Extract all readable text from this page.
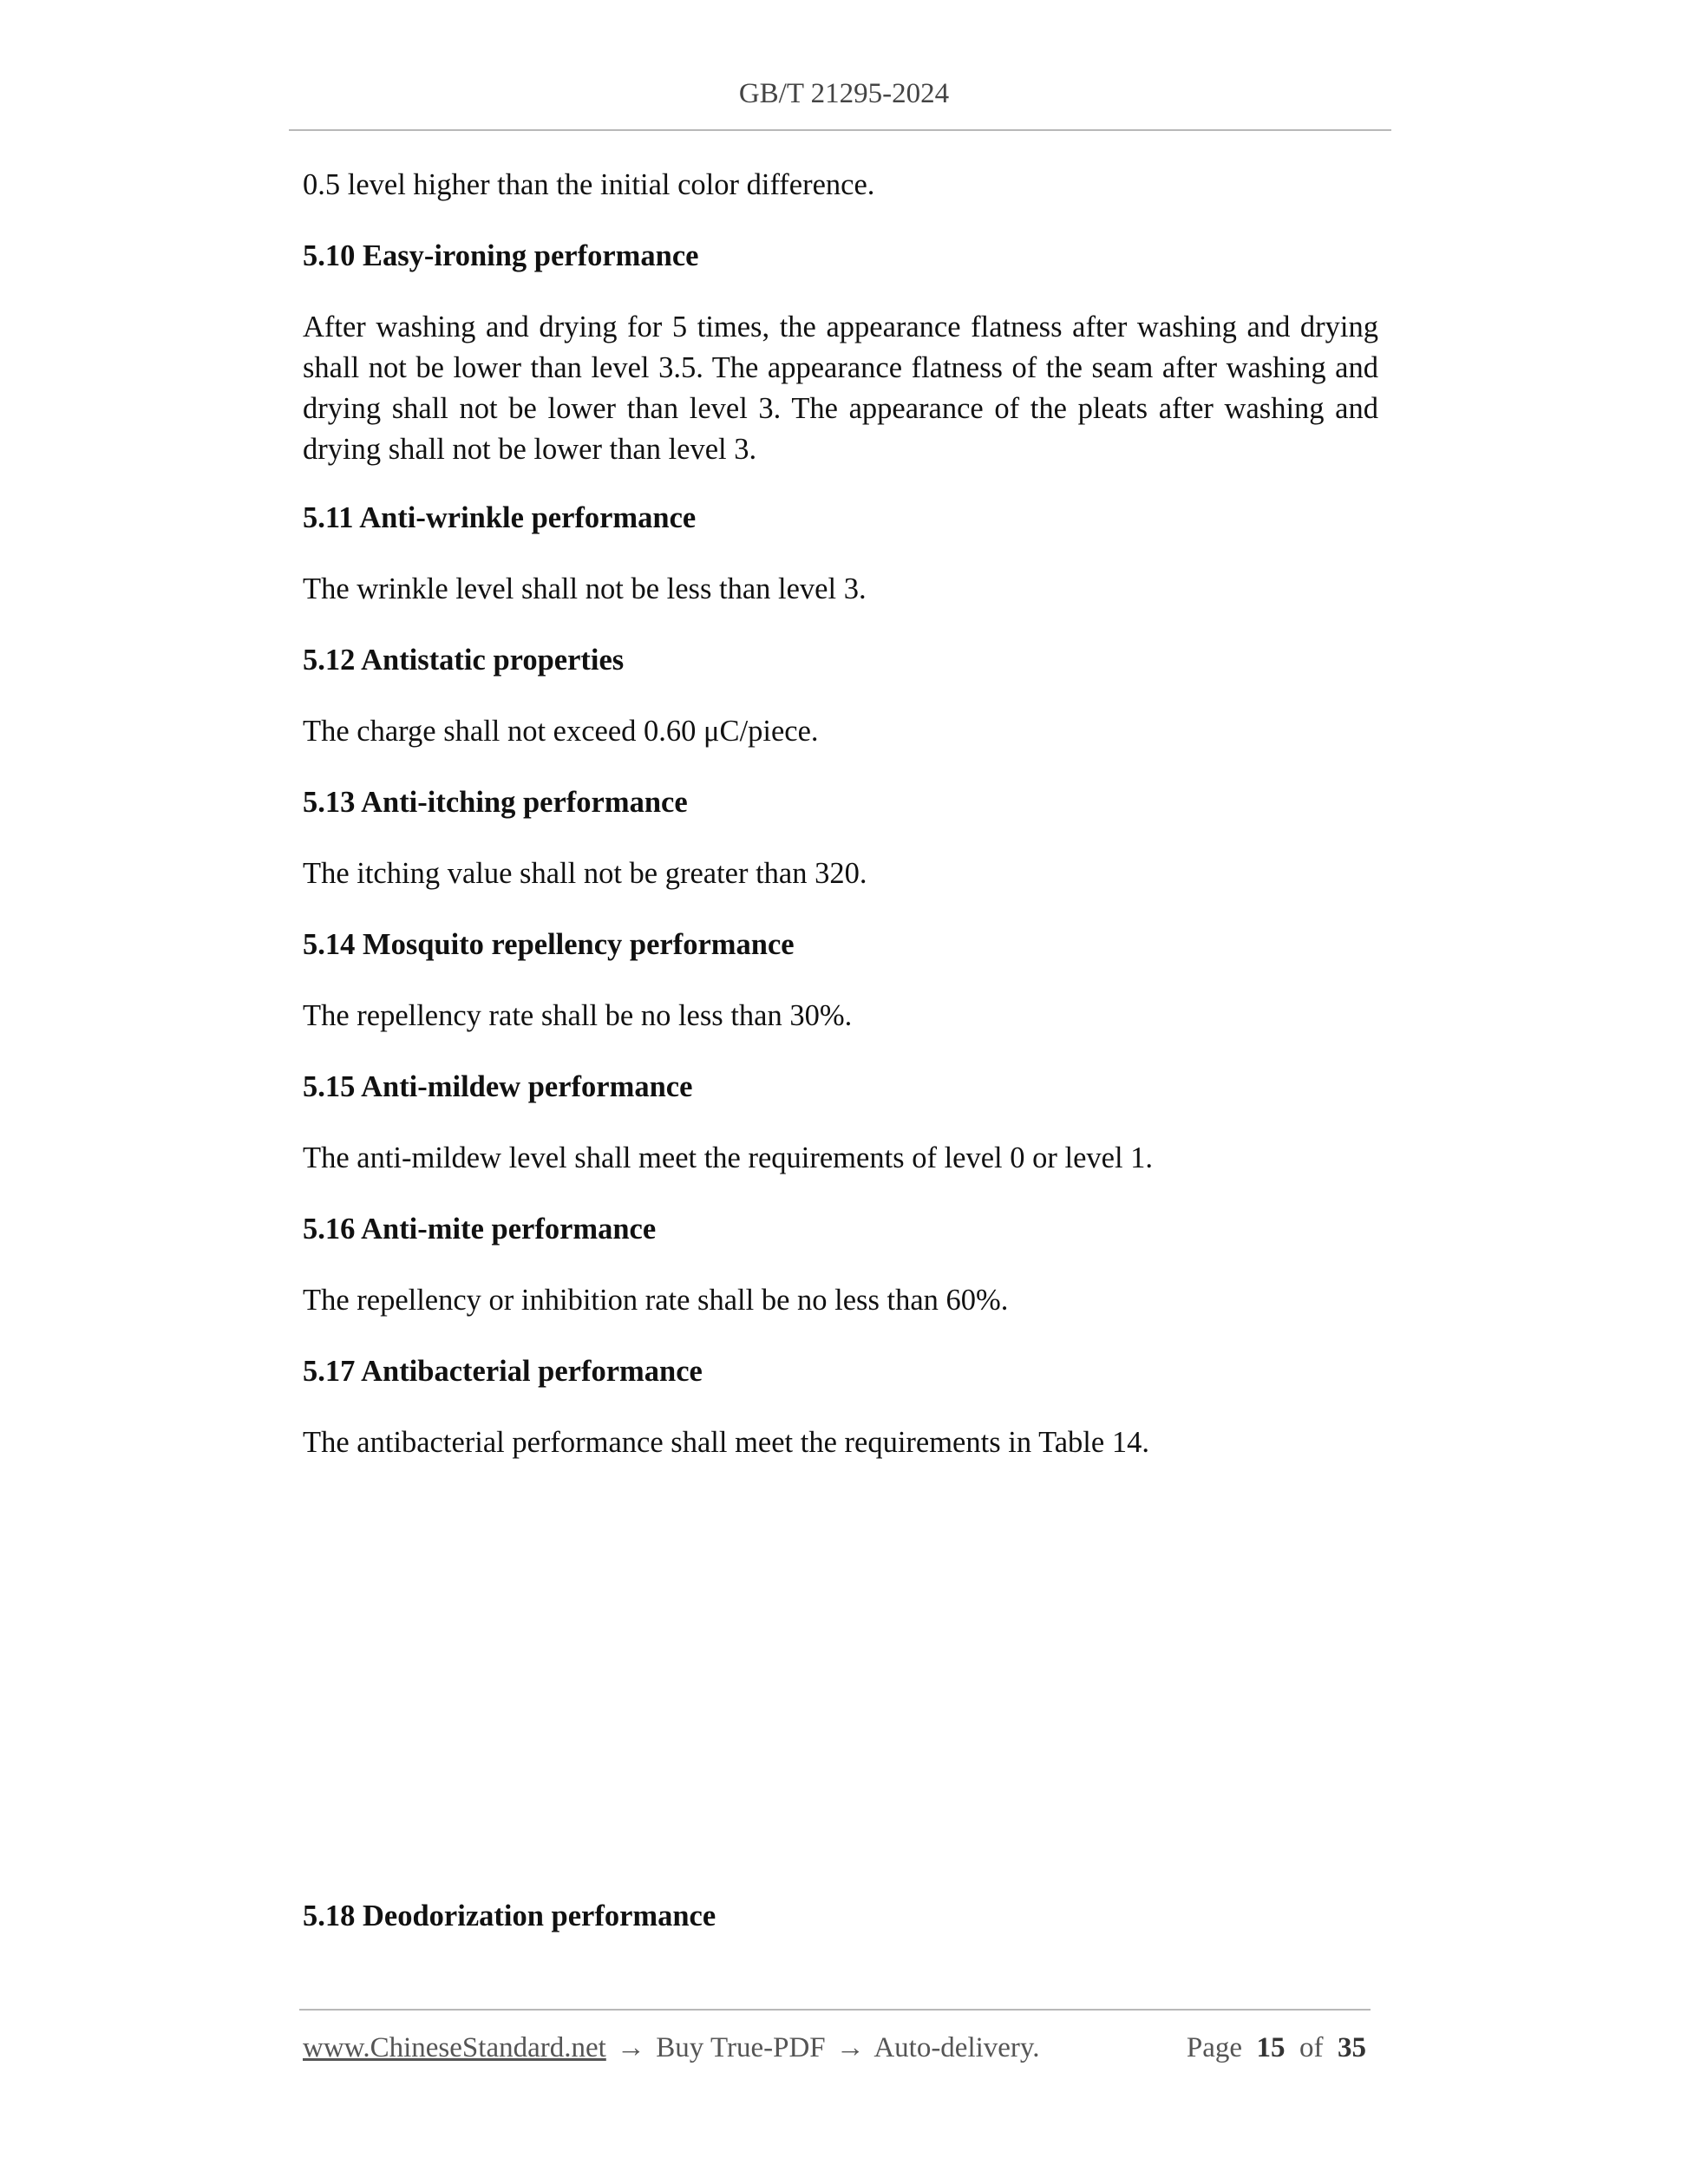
GB/T 21295-2024

0.5 level higher than the initial color difference.

5.10 Easy-ironing performance

After washing and drying for 5 times, the appearance flatness after washing and drying shall not be lower than level 3.5. The appearance flatness of the seam after washing and drying shall not be lower than level 3. The appearance of the pleats after washing and drying shall not be lower than level 3.

5.11 Anti-wrinkle performance

The wrinkle level shall not be less than level 3.

5.12 Antistatic properties

The charge shall not exceed 0.60 μC/piece.

5.13 Anti-itching performance

The itching value shall not be greater than 320.

5.14 Mosquito repellency performance

The repellency rate shall be no less than 30%.

5.15 Anti-mildew performance

The anti-mildew level shall meet the requirements of level 0 or level 1.

5.16 Anti-mite performance

The repellency or inhibition rate shall be no less than 60%.

5.17 Antibacterial performance

The antibacterial performance shall meet the requirements in Table 14.

5.18 Deodorization performance

www.ChineseStandard.net → Buy True-PDF → Auto-delivery.	Page 15 of 35
